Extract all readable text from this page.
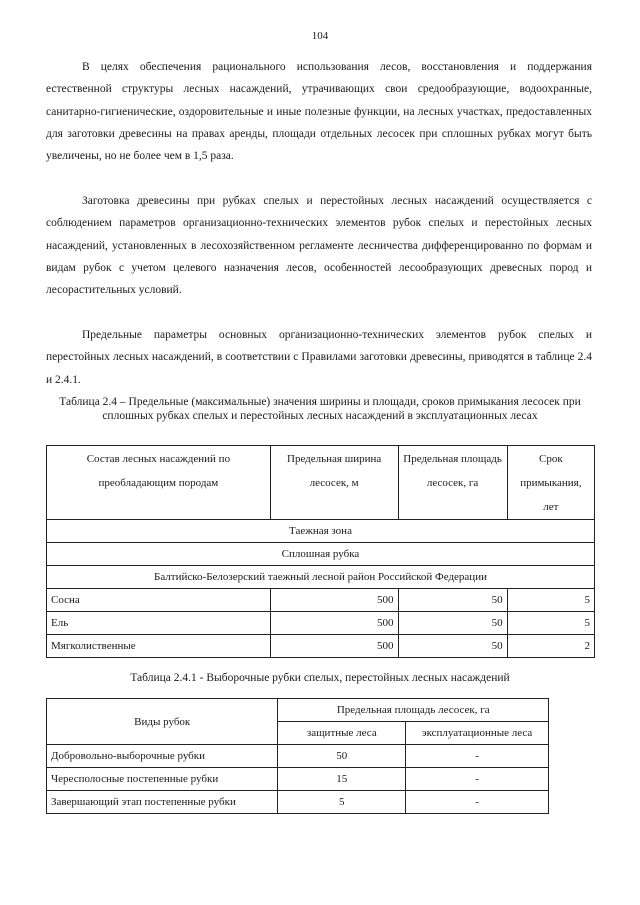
104

В целях обеспечения рационального использования лесов, восстановления и поддержания естественной структуры лесных насаждений, утрачивающих свои средообразующие, водоохранные, санитарно-гигиенические, оздоровительные и иные полезные функции, на лесных участках, предоставленных для заготовки древесины на правах аренды, площади отдельных лесосек при сплошных рубках могут быть увеличены, но не более чем в 1,5 раза.

Заготовка древесины при рубках спелых и перестойных лесных насаждений осуществляется с соблюдением параметров организационно-технических элементов рубок спелых и перестойных лесных насаждений, установленных в лесохозяйственном регламенте лесничества дифференцированно по формам и видам рубок с учетом целевого назначения лесов, особенностей лесообразующих древесных пород и лесорастительных условий.

Предельные параметры основных организационно-технических элементов рубок спелых и перестойных лесных насаждений, в соответствии с Правилами заготовки древесины, приводятся в таблице 2.4 и 2.4.1.

Таблица 2.4 – Предельные (максимальные) значения ширины и площади, сроков примыкания лесосек при сплошных рубках спелых и перестойных лесных насаждений в эксплуатационных лесах
Состав лесных насаждений по преобладающим породам	Предельная ширина лесосек, м	Предельная площадь лесосек, га	Срок примыкания, лет
Таежная зона			
Сплошная рубка			
Балтийско-Белозерский таежный лесной район Российской Федерации			
Сосна	500	50	5
Ель	500	50	5
Мягколиственные	500	50	2
Таблица 2.4.1 - Выборочные рубки спелых, перестойных лесных насаждений
Виды рубок	Предельная площадь лесосек, га	
	защитные леса	эксплуатационные леса
Добровольно-выборочные рубки	50	-
Чересполосные постепенные рубки	15	-
Завершающий этап постепенные рубки	5	-
